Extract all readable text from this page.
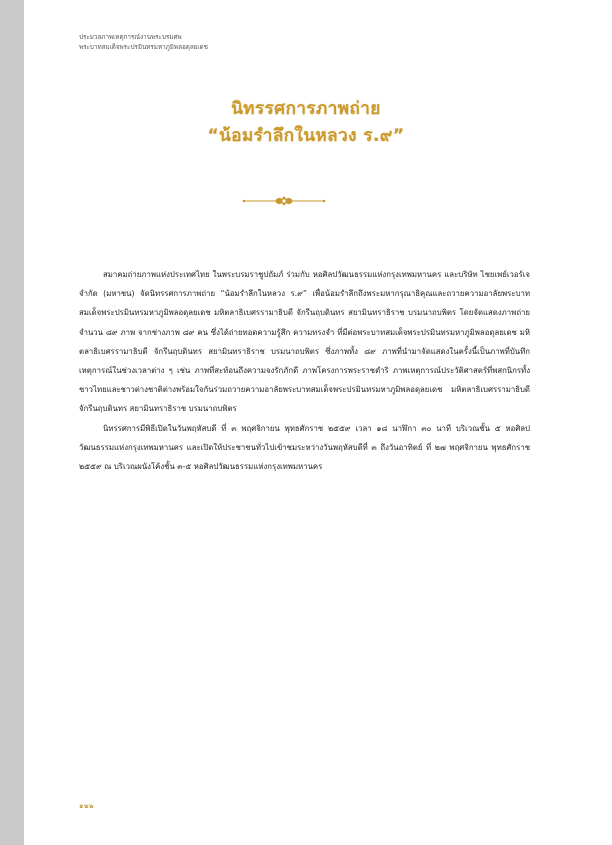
ประมวลภาพเหตุการณ์งานพระบรมศพ
พระบาทสมเด็จพระปรมินทรมหาภูมิพลอดุลยเดช
นิทรรศการภาพถ่าย
“น้อมรำลึกในหลวง ร.๙”

สมาคมถ่ายภาพแห่งประเทศไทย ในพระบรมราชูปถัมภ์ ร่วมกับ หอศิลปวัฒนธรรมแห่งกรุงเทพมหานคร และบริษัท ไชยเพย์เวอร์เจ จำกัด (มหาชน) จัดนิทรรศการภาพถ่าย “น้อมรำลึกในหลวง ร.๙” เพื่อน้อมรำลึกถึงพระมหากรุณาธิคุณและถวายความอาลัยพระบาทสมเด็จพระปรมินทรมหาภูมิพลอดุลยเดช มหิตลาธิเบศรรามาธิบดี จักรีนฤบดินทร สยามินทราธิราช บรมนาถบพิตร โดยจัดแสดงภาพถ่ายจำนวน ๘๙ ภาพ จากช่างภาพ ๘๙ คน ซึ่งได้ถ่ายทอดความรู้สึก ความทรงจำ ที่มีต่อพระบาทสมเด็จพระปรมินทรมหาภูมิพลอดุลยเดช มหิตลาธิเบศรรามาธิบดี จักรีนฤบดินทร สยามินทราธิราช บรมนาถบพิตร ซึ่งภาพทั้ง ๘๙ ภาพที่นำมาจัดแสดงในครั้งนี้เป็นภาพที่บันทึกเหตุการณ์ในช่วงเวลาต่าง ๆ เช่น ภาพที่สะท้อนถึงความจงรักภักดี ภาพโครงการพระราชดำริ ภาพเหตุการณ์ประวัติศาสตร์ที่พสกนิกรทั้งชาวไทยและชาวต่างชาติต่างพร้อมใจกันร่วมถวายความอาลัยพระบาทสมเด็จพระปรมินทรมหาภูมิพลอดุลยเดช มหิตลาธิเบศรรามาธิบดี จักรีนฤบดินทร สยามินทราธิราช บรมนาถบพิตร

นิทรรศการมีพิธีเปิดในวันพฤหัสบดี ที่ ๓ พฤศจิกายน พุทธศักราช ๒๕๕๙ เวลา ๑๘ นาฬิกา ๓๐ นาที บริเวณชั้น ๕ หอศิลปวัฒนธรรมแห่งกรุงเทพมหานคร และเปิดให้ประชาชนทั่วไปเข้าชมระหว่างวันพฤหัสบดีที่ ๓ ถึงวันอาทิตย์ ที่ ๒๗ พฤศจิกายน พุทธศักราช ๒๕๕๙ ณ บริเวณผนังโค้งชั้น ๓-๕ หอศิลปวัฒนธรรมแห่งกรุงเทพมหานคร

๑๒๒
